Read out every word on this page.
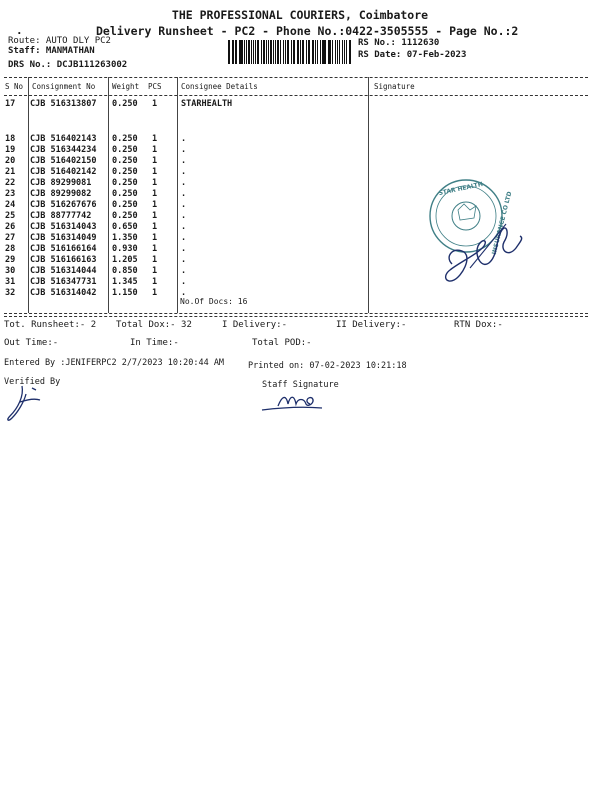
THE PROFESSIONAL COURIERS, Coimbatore
.	Delivery Runsheet - PC2 - Phone No.:0422-3505555 - Page No.:2
Route: AUTO DLY PC2
Staff: MANMATHAN
DRS No.: DCJB111263002
RS No.: 1112630
RS Date: 07-Feb-2023
S No Consignment No Weight PCS	Consignee Details	Signature
17 CJB 516313807 0.250 1	STARHEALTH
18 CJB 516402143 0.250 1	.
19 CJB 516344234 0.250 1	.
20 CJB 516402150 0.250 1	.
21 CJB 516402142 0.250 1	.
22 CJB 89299081 0.250 1	.
23 CJB 89299082 0.250 1	.
24 CJB 516267676 0.250 1	.
25 CJB 88777742 0.250 1	.
26 CJB 516314043 0.650 1	.
27 CJB 516314049 1.350 1	.
28 CJB 516166164 0.930 1	.
29 CJB 516166163 1.205 1	.
30 CJB 516314044 0.850 1	.
31 CJB 516347731 1.345 1	.
32 CJB 516314042 1.150 1	.
No.Of Docs: 16
STAR HEALTH
INSURANCE CO LTD
Tot. Runsheet:- 2 Total Dox:- 32	I Delivery:-	II Delivery:-	RTN Dox:-
Out Time:-	In Time:-	Total POD:-
Entered By :JENIFERPC2 2/7/2023 10:20:44 AM	Printed on: 07-02-2023 10:21:18
Verified By	Staff Signature
